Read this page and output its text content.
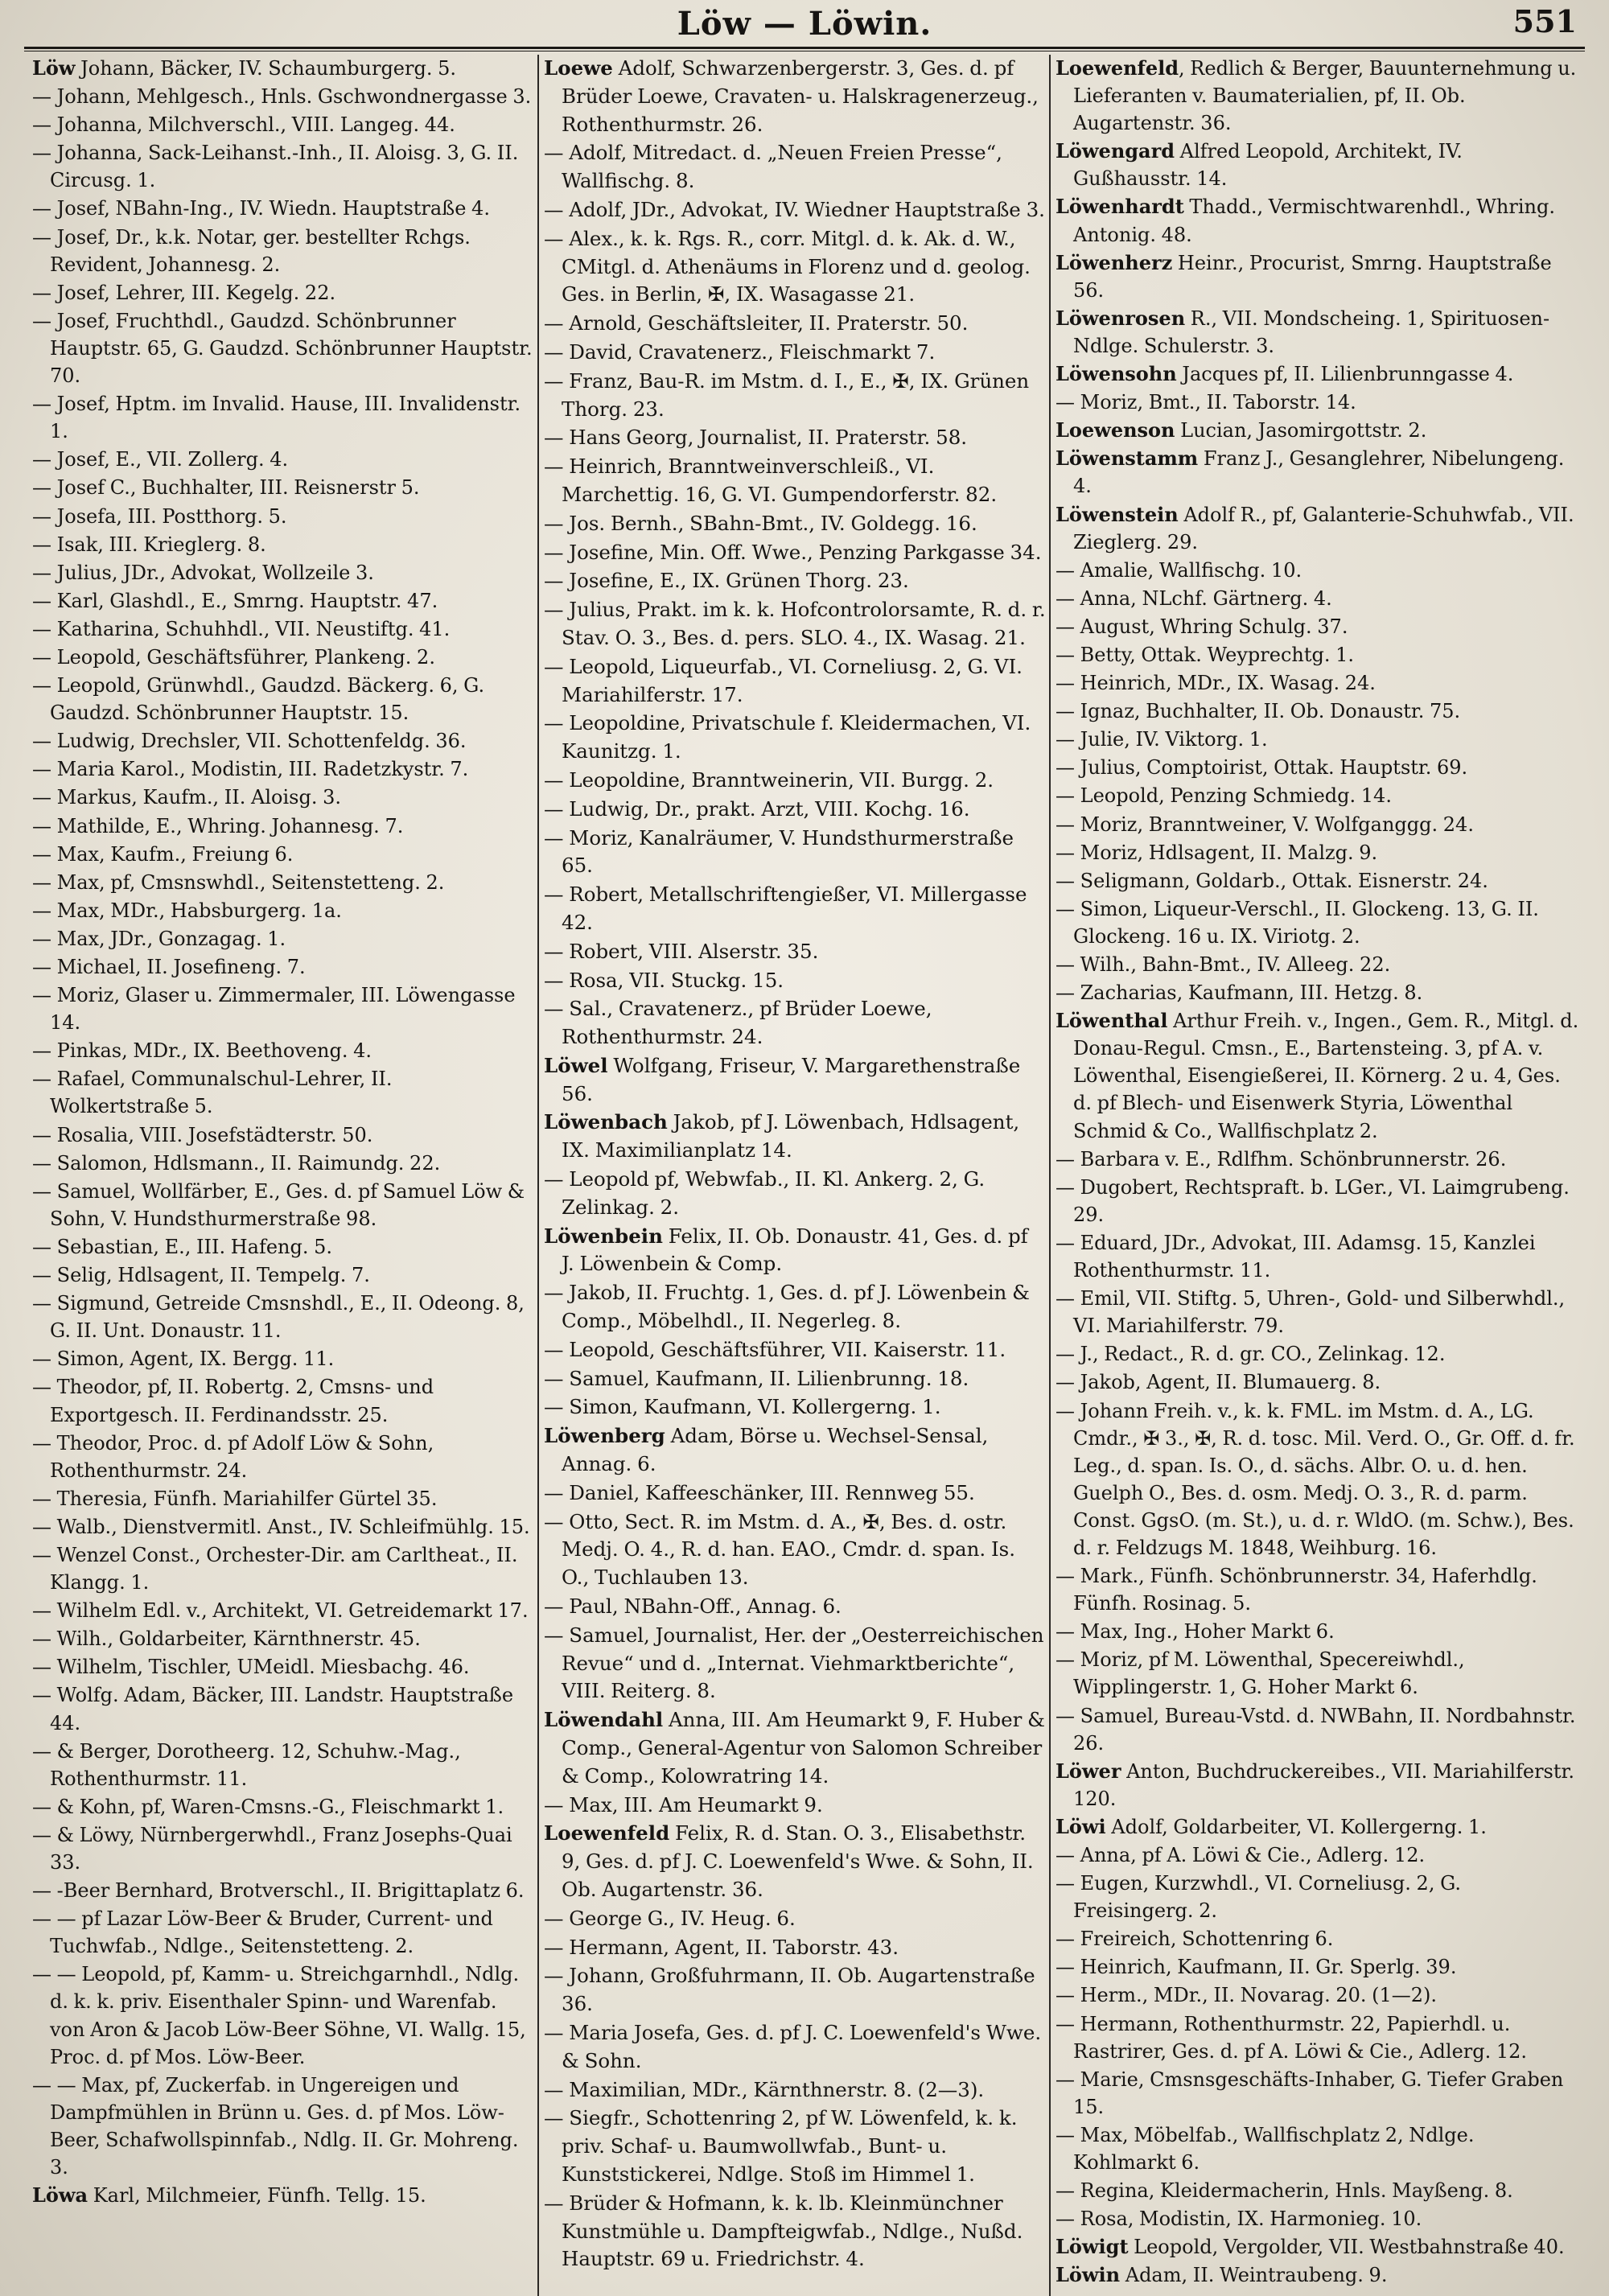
Löw — Löwin.	551

Löw Johann, Bäcker, IV. Schaumburgerg. 5.

— Johann, Mehlgesch., Hnls. Gschwondnergasse 3.

— Johanna, Milchverschl., VIII. Langeg. 44.

— Johanna, Sack-Leihanst.-Inh., II. Aloisg. 3, G. II. Circusg. 1.

— Josef, NBahn-Ing., IV. Wiedn. Hauptstraße 4.

— Josef, Dr., k.k. Notar, ger. bestellter Rchgs. Revident, Johannesg. 2.

— Josef, Lehrer, III. Kegelg. 22.

— Josef, Fruchthdl., Gaudzd. Schönbrunner Hauptstr. 65, G. Gaudzd. Schönbrunner Hauptstr. 70.

— Josef, Hptm. im Invalid. Hause, III. Invalidenstr. 1.

— Josef, E., VII. Zollerg. 4.

— Josef C., Buchhalter, III. Reisnerstr 5.

— Josefa, III. Postthorg. 5.

— Isak, III. Krieglerg. 8.

— Julius, JDr., Advokat, Wollzeile 3.

— Karl, Glashdl., E., Smrng. Hauptstr. 47.

— Katharina, Schuhhdl., VII. Neustiftg. 41.

— Leopold, Geschäftsführer, Plankeng. 2.

— Leopold, Grünwhdl., Gaudzd. Bäckerg. 6, G. Gaudzd. Schönbrunner Hauptstr. 15.

— Ludwig, Drechsler, VII. Schottenfeldg. 36.

— Maria Karol., Modistin, III. Radetzkystr. 7.

— Markus, Kaufm., II. Aloisg. 3.

— Mathilde, E., Whring. Johannesg. 7.

— Max, Kaufm., Freiung 6.

— Max, pf, Cmsnswhdl., Seitenstetteng. 2.

— Max, MDr., Habsburgerg. 1a.

— Max, JDr., Gonzagag. 1.

— Michael, II. Josefineng. 7.

— Moriz, Glaser u. Zimmermaler, III. Löwengasse 14.

— Pinkas, MDr., IX. Beethoveng. 4.

— Rafael, Communalschul-Lehrer, II. Wolkertstraße 5.

— Rosalia, VIII. Josefstädterstr. 50.

— Salomon, Hdlsmann., II. Raimundg. 22.

— Samuel, Wollfärber, E., Ges. d. pf Samuel Löw & Sohn, V. Hundsthurmerstraße 98.

— Sebastian, E., III. Hafeng. 5.

— Selig, Hdlsagent, II. Tempelg. 7.

— Sigmund, Getreide Cmsnshdl., E., II. Odeong. 8, G. II. Unt. Donaustr. 11.

— Simon, Agent, IX. Bergg. 11.

— Theodor, pf, II. Robertg. 2, Cmsns- und Exportgesch. II. Ferdinandsstr. 25.

— Theodor, Proc. d. pf Adolf Löw & Sohn, Rothenthurmstr. 24.

— Theresia, Fünfh. Mariahilfer Gürtel 35.

— Walb., Dienstvermitl. Anst., IV. Schleifmühlg. 15.

— Wenzel Const., Orchester-Dir. am Carltheat., II. Klangg. 1.

— Wilhelm Edl. v., Architekt, VI. Getreidemarkt 17.

— Wilh., Goldarbeiter, Kärnthnerstr. 45.

— Wilhelm, Tischler, UMeidl. Miesbachg. 46.

— Wolfg. Adam, Bäcker, III. Landstr. Hauptstraße 44.

— & Berger, Dorotheerg. 12, Schuhw.-Mag., Rothenthurmstr. 11.

— & Kohn, pf, Waren-Cmsns.-G., Fleischmarkt 1.

— & Löwy, Nürnbergerwhdl., Franz Josephs-Quai 33.

— -Beer Bernhard, Brotverschl., II. Brigittaplatz 6.

— — pf Lazar Löw-Beer & Bruder, Current- und Tuchwfab., Ndlge., Seitenstetteng. 2.

— — Leopold, pf, Kamm- u. Streichgarnhdl., Ndlg. d. k. k. priv. Eisenthaler Spinn- und Warenfab. von Aron & Jacob Löw-Beer Söhne, VI. Wallg. 15, Proc. d. pf Mos. Löw-Beer.

— — Max, pf, Zuckerfab. in Ungereigen und Dampfmühlen in Brünn u. Ges. d. pf Mos. Löw-Beer, Schafwollspinnfab., Ndlg. II. Gr. Mohreng. 3.

Löwa Karl, Milchmeier, Fünfh. Tellg. 15.

Loewe Adolf, Schwarzenbergerstr. 3, Ges. d. pf Brüder Loewe, Cravaten- u. Halskragenerzeug., Rothenthurmstr. 26.

— Adolf, Mitredact. d. „Neuen Freien Presse“, Wallfischg. 8.

— Adolf, JDr., Advokat, IV. Wiedner Hauptstraße 3.

— Alex., k. k. Rgs. R., corr. Mitgl. d. k. Ak. d. W., CMitgl. d. Athenäums in Florenz und d. geolog. Ges. in Berlin, ✠, IX. Wasagasse 21.

— Arnold, Geschäftsleiter, II. Praterstr. 50.

— David, Cravatenerz., Fleischmarkt 7.

— Franz, Bau-R. im Mstm. d. I., E., ✠, IX. Grünen Thorg. 23.

— Hans Georg, Journalist, II. Praterstr. 58.

— Heinrich, Branntweinverschleiß., VI. Marchettig. 16, G. VI. Gumpendorferstr. 82.

— Jos. Bernh., SBahn-Bmt., IV. Goldegg. 16.

— Josefine, Min. Off. Wwe., Penzing Parkgasse 34.

— Josefine, E., IX. Grünen Thorg. 23.

— Julius, Prakt. im k. k. Hofcontrolorsamte, R. d. r. Stav. O. 3., Bes. d. pers. SLO. 4., IX. Wasag. 21.

— Leopold, Liqueurfab., VI. Corneliusg. 2, G. VI. Mariahilferstr. 17.

— Leopoldine, Privatschule f. Kleidermachen, VI. Kaunitzg. 1.

— Leopoldine, Branntweinerin, VII. Burgg. 2.

— Ludwig, Dr., prakt. Arzt, VIII. Kochg. 16.

— Moriz, Kanalräumer, V. Hundsthurmerstraße 65.

— Robert, Metallschriftengießer, VI. Millergasse 42.

— Robert, VIII. Alserstr. 35.

— Rosa, VII. Stuckg. 15.

— Sal., Cravatenerz., pf Brüder Loewe, Rothenthurmstr. 24.

Löwel Wolfgang, Friseur, V. Margarethenstraße 56.

Löwenbach Jakob, pf J. Löwenbach, Hdlsagent, IX. Maximilianplatz 14.

— Leopold pf, Webwfab., II. Kl. Ankerg. 2, G. Zelinkag. 2.

Löwenbein Felix, II. Ob. Donaustr. 41, Ges. d. pf J. Löwenbein & Comp.

— Jakob, II. Fruchtg. 1, Ges. d. pf J. Löwenbein & Comp., Möbelhdl., II. Negerleg. 8.

— Leopold, Geschäftsführer, VII. Kaiserstr. 11.

— Samuel, Kaufmann, II. Lilienbrunng. 18.

— Simon, Kaufmann, VI. Kollergerng. 1.

Löwenberg Adam, Börse u. Wechsel-Sensal, Annag. 6.

— Daniel, Kaffeeschänker, III. Rennweg 55.

— Otto, Sect. R. im Mstm. d. A., ✠, Bes. d. ostr. Medj. O. 4., R. d. han. EAO., Cmdr. d. span. Is. O., Tuchlauben 13.

— Paul, NBahn-Off., Annag. 6.

— Samuel, Journalist, Her. der „Oesterreichischen Revue“ und d. „Internat. Viehmarktberichte“, VIII. Reiterg. 8.

Löwendahl Anna, III. Am Heumarkt 9, F. Huber & Comp., General-Agentur von Salomon Schreiber & Comp., Kolowratring 14.

— Max, III. Am Heumarkt 9.

Loewenfeld Felix, R. d. Stan. O. 3., Elisabethstr. 9, Ges. d. pf J. C. Loewenfeld's Wwe. & Sohn, II. Ob. Augartenstr. 36.

— George G., IV. Heug. 6.

— Hermann, Agent, II. Taborstr. 43.

— Johann, Großfuhrmann, II. Ob. Augartenstraße 36.

— Maria Josefa, Ges. d. pf J. C. Loewenfeld's Wwe. & Sohn.

— Maximilian, MDr., Kärnthnerstr. 8. (2—3).

— Siegfr., Schottenring 2, pf W. Löwenfeld, k. k. priv. Schaf- u. Baumwollwfab., Bunt- u. Kunststickerei, Ndlge. Stoß im Himmel 1.

— Brüder & Hofmann, k. k. lb. Kleinmünchner Kunstmühle u. Dampfteigwfab., Ndlge., Nußd. Hauptstr. 69 u. Friedrichstr. 4.

Loewenfeld, Redlich & Berger, Bauunternehmung u. Lieferanten v. Baumaterialien, pf, II. Ob. Augartenstr. 36.

Löwengard Alfred Leopold, Architekt, IV. Gußhausstr. 14.

Löwenhardt Thadd., Vermischtwarenhdl., Whring. Antonig. 48.

Löwenherz Heinr., Procurist, Smrng. Hauptstraße 56.

Löwenrosen R., VII. Mondscheing. 1, Spirituosen-Ndlge. Schulerstr. 3.

Löwensohn Jacques pf, II. Lilienbrunngasse 4.

— Moriz, Bmt., II. Taborstr. 14.

Loewenson Lucian, Jasomirgottstr. 2.

Löwenstamm Franz J., Gesanglehrer, Nibelungeng. 4.

Löwenstein Adolf R., pf, Galanterie-Schuhwfab., VII. Zieglerg. 29.

— Amalie, Wallfischg. 10.

— Anna, NLchf. Gärtnerg. 4.

— August, Whring Schulg. 37.

— Betty, Ottak. Weyprechtg. 1.

— Heinrich, MDr., IX. Wasag. 24.

— Ignaz, Buchhalter, II. Ob. Donaustr. 75.

— Julie, IV. Viktorg. 1.

— Julius, Comptoirist, Ottak. Hauptstr. 69.

— Leopold, Penzing Schmiedg. 14.

— Moriz, Branntweiner, V. Wolfganggg. 24.

— Moriz, Hdlsagent, II. Malzg. 9.

— Seligmann, Goldarb., Ottak. Eisnerstr. 24.

— Simon, Liqueur-Verschl., II. Glockeng. 13, G. II. Glockeng. 16 u. IX. Viriotg. 2.

— Wilh., Bahn-Bmt., IV. Alleeg. 22.

— Zacharias, Kaufmann, III. Hetzg. 8.

Löwenthal Arthur Freih. v., Ingen., Gem. R., Mitgl. d. Donau-Regul. Cmsn., E., Bartensteing. 3, pf A. v. Löwenthal, Eisengießerei, II. Körnerg. 2 u. 4, Ges. d. pf Blech- und Eisenwerk Styria, Löwenthal Schmid & Co., Wallfischplatz 2.

— Barbara v. E., Rdlfhm. Schönbrunnerstr. 26.

— Dugobert, Rechtspraft. b. LGer., VI. Laimgrubeng. 29.

— Eduard, JDr., Advokat, III. Adamsg. 15, Kanzlei Rothenthurmstr. 11.

— Emil, VII. Stiftg. 5, Uhren-, Gold- und Silberwhdl., VI. Mariahilferstr. 79.

— J., Redact., R. d. gr. CO., Zelinkag. 12.

— Jakob, Agent, II. Blumauerg. 8.

— Johann Freih. v., k. k. FML. im Mstm. d. A., LG. Cmdr., ✠ 3., ✠, R. d. tosc. Mil. Verd. O., Gr. Off. d. fr. Leg., d. span. Is. O., d. sächs. Albr. O. u. d. hen. Guelph O., Bes. d. osm. Medj. O. 3., R. d. parm. Const. GgsO. (m. St.), u. d. r. WldO. (m. Schw.), Bes. d. r. Feldzugs M. 1848, Weihburg. 16.

— Mark., Fünfh. Schönbrunnerstr. 34, Haferhdlg. Fünfh. Rosinag. 5.

— Max, Ing., Hoher Markt 6.

— Moriz, pf M. Löwenthal, Specereiwhdl., Wipplingerstr. 1, G. Hoher Markt 6.

— Samuel, Bureau-Vstd. d. NWBahn, II. Nordbahnstr. 26.

Löwer Anton, Buchdruckereibes., VII. Mariahilferstr. 120.

Löwi Adolf, Goldarbeiter, VI. Kollergerng. 1.

— Anna, pf A. Löwi & Cie., Adlerg. 12.

— Eugen, Kurzwhdl., VI. Corneliusg. 2, G. Freisingerg. 2.

— Freireich, Schottenring 6.

— Heinrich, Kaufmann, II. Gr. Sperlg. 39.

— Herm., MDr., II. Novarag. 20. (1—2).

— Hermann, Rothenthurmstr. 22, Papierhdl. u. Rastrirer, Ges. d. pf A. Löwi & Cie., Adlerg. 12.

— Marie, Cmsnsgeschäfts-Inhaber, G. Tiefer Graben 15.

— Max, Möbelfab., Wallfischplatz 2, Ndlge. Kohlmarkt 6.

— Regina, Kleidermacherin, Hnls. Mayßeng. 8.

— Rosa, Modistin, IX. Harmonieg. 10.

Löwigt Leopold, Vergolder, VII. Westbahnstraße 40.

Löwin Adam, II. Weintraubeng. 9.
